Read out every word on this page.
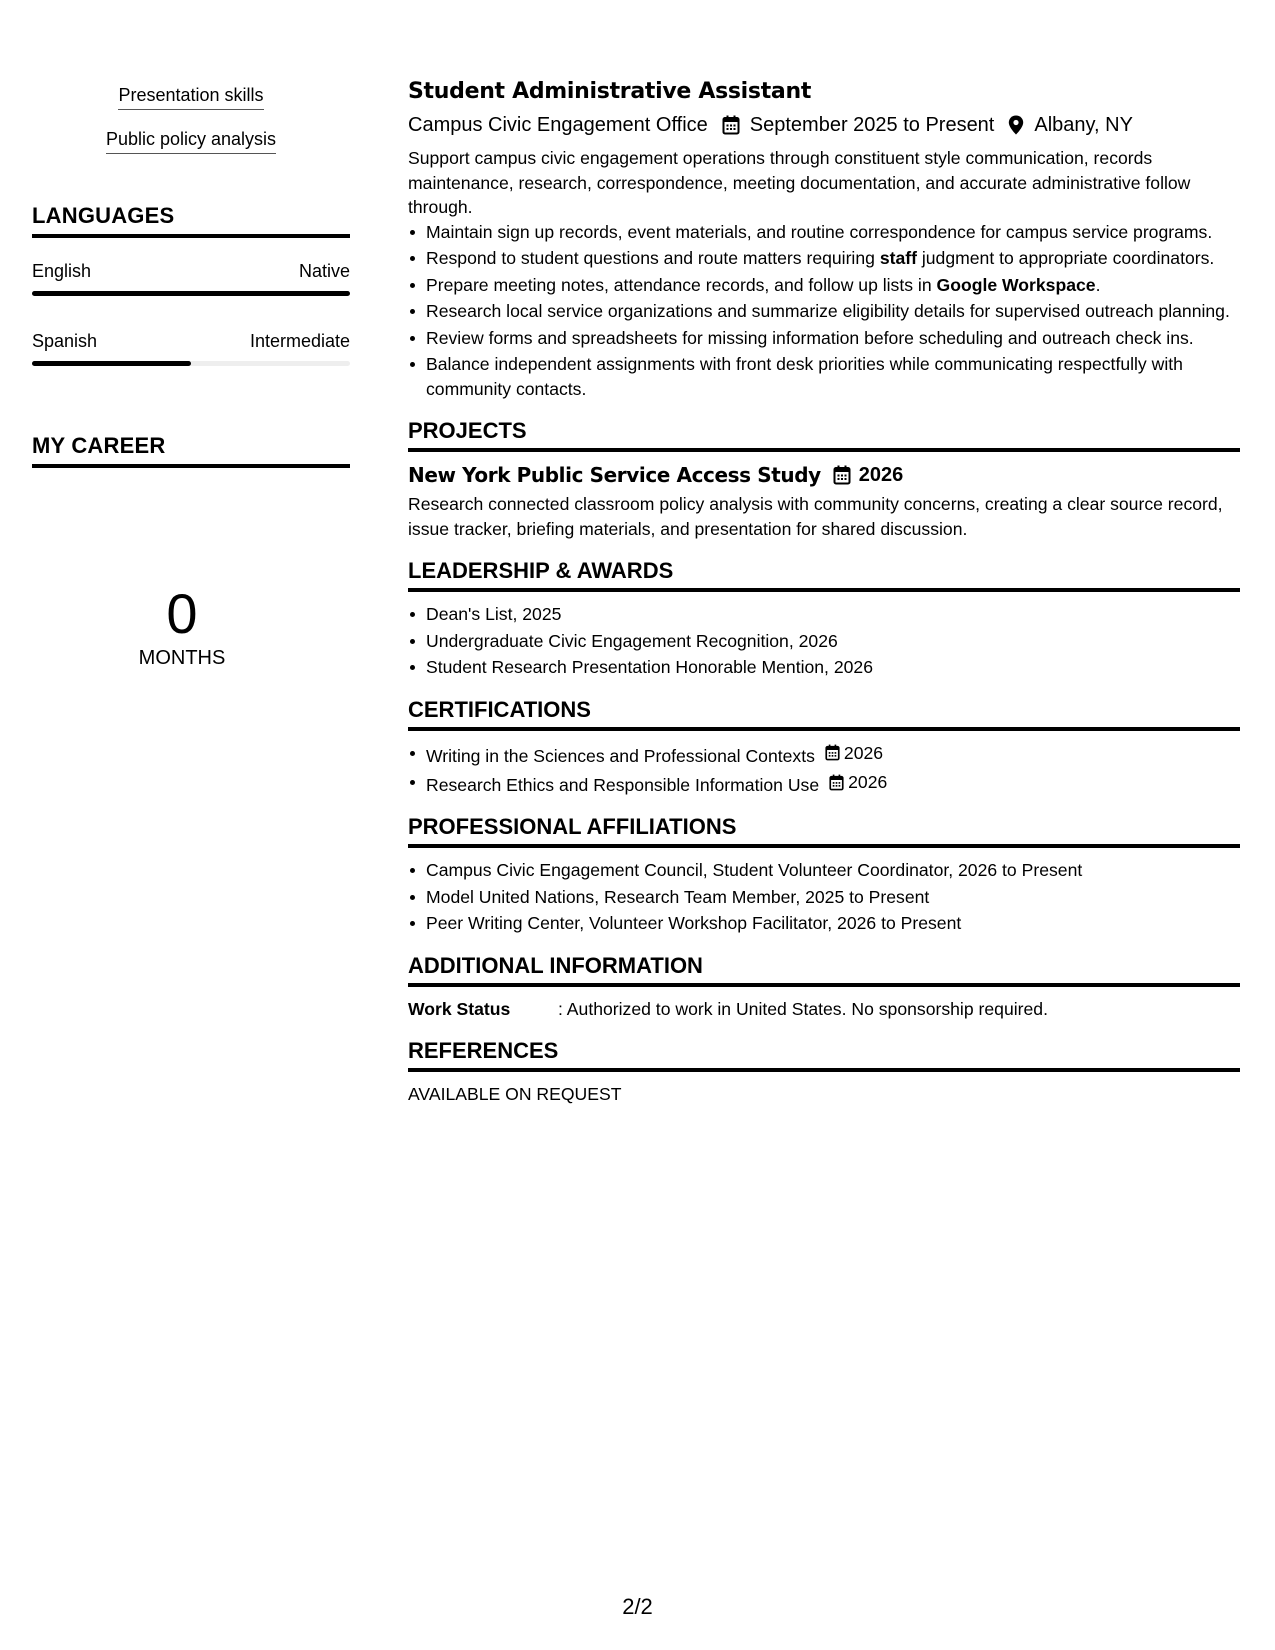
Presentation skills
Public policy analysis
LANGUAGES
English	Native
Spanish	Intermediate
MY CAREER
0
MONTHS
Student Administrative Assistant
Campus Civic Engagement Office September 2025 to Present Albany, NY
Support campus civic engagement operations through constituent style communication, records maintenance, research, correspondence, meeting documentation, and accurate administrative follow through.
Maintain sign up records, event materials, and routine correspondence for campus service programs.
Respond to student questions and route matters requiring staff judgment to appropriate coordinators.
Prepare meeting notes, attendance records, and follow up lists in Google Workspace.
Research local service organizations and summarize eligibility details for supervised outreach planning.
Review forms and spreadsheets for missing information before scheduling and outreach check ins.
Balance independent assignments with front desk priorities while communicating respectfully with community contacts.
PROJECTS
New York Public Service Access Study 2026
Research connected classroom policy analysis with community concerns, creating a clear source record, issue tracker, briefing materials, and presentation for shared discussion.
LEADERSHIP & AWARDS
Dean's List, 2025
Undergraduate Civic Engagement Recognition, 2026
Student Research Presentation Honorable Mention, 2026
CERTIFICATIONS
Writing in the Sciences and Professional Contexts 2026
Research Ethics and Responsible Information Use 2026
PROFESSIONAL AFFILIATIONS
Campus Civic Engagement Council, Student Volunteer Coordinator, 2026 to Present
Model United Nations, Research Team Member, 2025 to Present
Peer Writing Center, Volunteer Workshop Facilitator, 2026 to Present
ADDITIONAL INFORMATION
Work Status	: Authorized to work in United States. No sponsorship required.
REFERENCES
AVAILABLE ON REQUEST
2/2
